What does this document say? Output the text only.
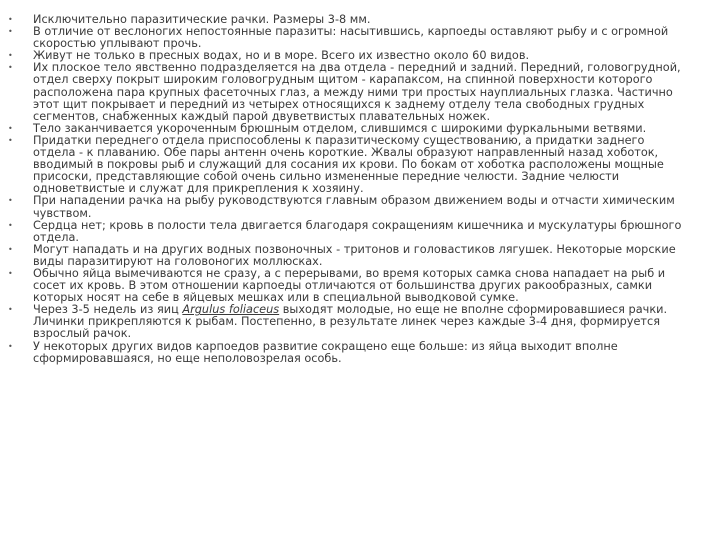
•	Исключительно паразитические рачки. Размеры 3-8 мм.
•	В отличие от веслоногих непостоянные паразиты: насытившись, карпоеды оставляют рыбу и с огромной скоростью уплывают прочь.
•	Живут не только в пресных водах, но и в море. Всего их известно около 60 видов.
•	Их плоское тело явственно подразделяется на два отдела - передний и задний. Передний, головогрудной, отдел сверху покрыт широким головогрудным щитом - карапаксом, на спинной поверхности которого расположена пара крупных фасеточных глаз, а между ними три простых науплиальных глазка. Частично этот щит покрывает и передний из четырех относящихся к заднему отделу тела свободных грудных сегментов, снабженных каждый парой двуветвистых плавательных ножек.
•	Тело заканчивается укороченным брюшным отделом, слившимся с широкими фуркальными ветвями.
•	Придатки переднего отдела приспособлены к паразитическому существованию, а придатки заднего отдела - к плаванию. Обе пары антенн очень короткие. Жвалы образуют направленный назад хоботок, вводимый в покровы рыб и служащий для сосания их крови. По бокам от хоботка расположены мощные присоски, представляющие собой очень сильно измененные передние челюсти. Задние челюсти одноветвистые и служат для прикрепления к хозяину.
•	При нападении рачка на рыбу руководствуются главным образом движением воды и отчасти химическим чувством.
•	Сердца нет; кровь в полости тела двигается благодаря сокращениям кишечника и мускулатуры брюшного отдела.
•	Могут нападать и на других водных позвоночных - тритонов и головастиков лягушек. Некоторые морские виды паразитируют на головоногих моллюсках.
•	Обычно яйца вымечиваются не сразу, а с перерывами, во время которых самка снова нападает на рыб и сосет их кровь. В этом отношении карпоеды отличаются от большинства других ракообразных, самки которых носят на себе в яйцевых мешках или в специальной выводковой сумке.
•	Через 3-5 недель из яиц Argulus foliaceus выходят молодые, но еще не вполне сформировавшиеся рачки. Личинки прикрепляются к рыбам. Постепенно, в результате линек через каждые 3-4 дня, формируется взрослый рачок.
•	У некоторых других видов карпоедов развитие сокращено еще больше: из яйца выходит вполне сформировавшаяся, но еще неполовозрелая особь.
